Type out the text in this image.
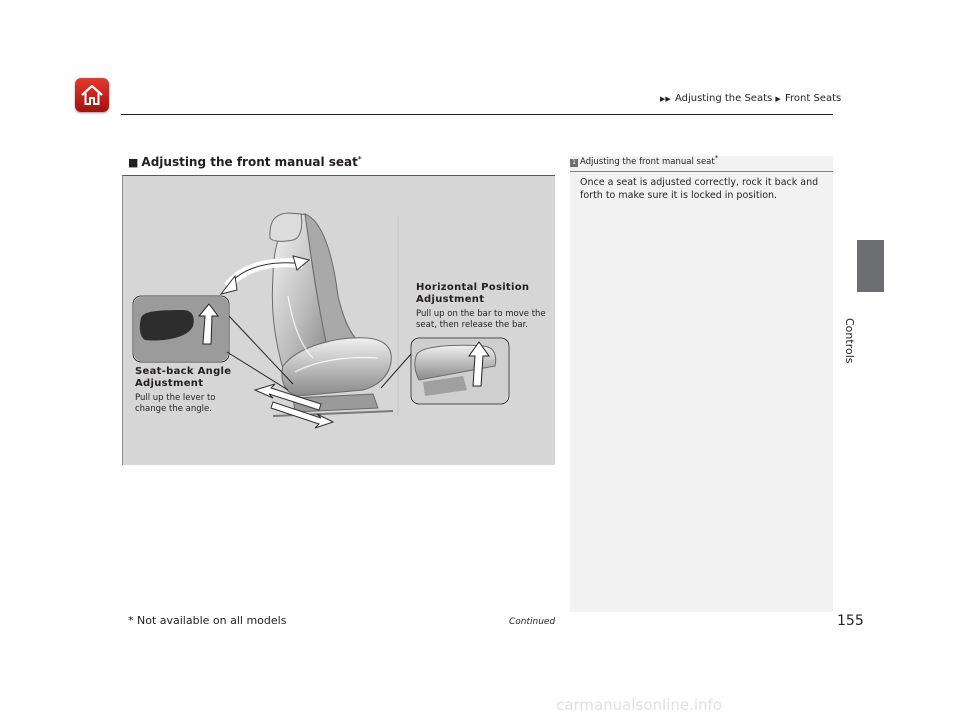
▶▶ Adjusting the Seats ▶ Front Seats
Controls
■ Adjusting the front manual seat*
Horizontal Position Adjustment
Pull up on the bar to move the seat, then release the bar.
Seat-back Angle Adjustment
Pull up the lever to change the angle.
1 Adjusting the front manual seat*
Once a seat is adjusted correctly, rock it back and forth to make sure it is locked in position.
* Not available on all models	Continued	155
carmanualsonline.info
